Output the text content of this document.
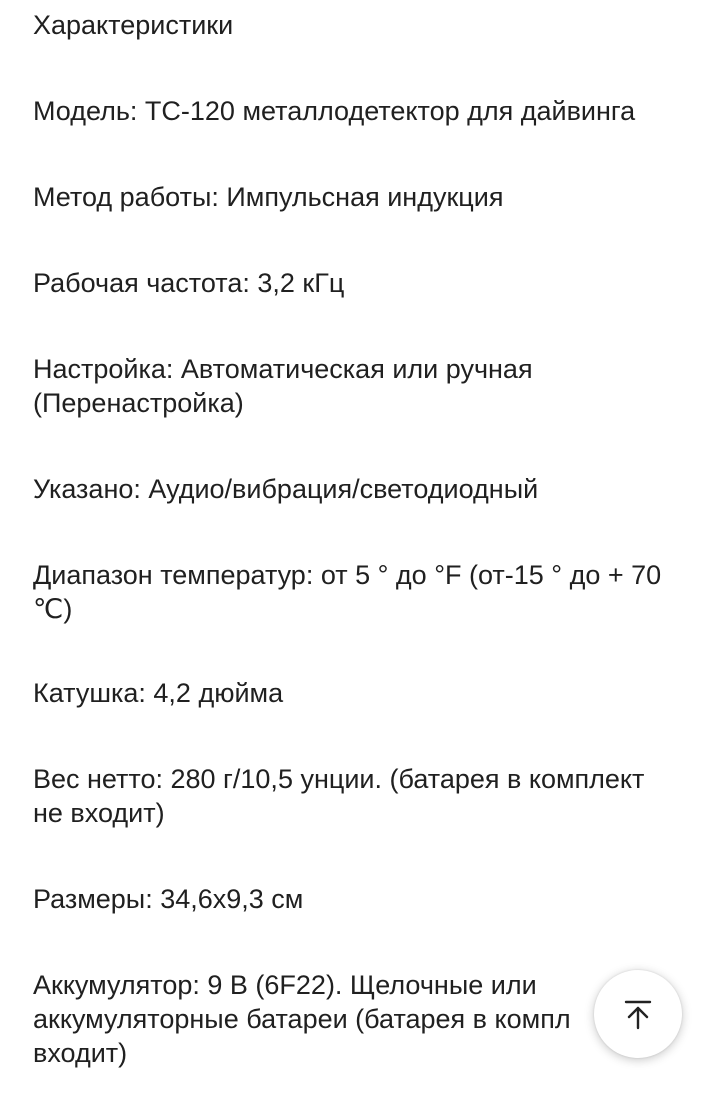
Характеристики
Модель: TC-120 металлодетектор для дайвинга
Метод работы: Импульсная индукция
Рабочая частота: 3,2 кГц
Настройка: Автоматическая или ручная
(Перенастройка)
Указано: Аудио/вибрация/светодиодный
Диапазон температур: от 5 ° до °F (от-15 ° до + 70
℃)
Катушка: 4,2 дюйма
Вес нетто: 280 г/10,5 унции. (батарея в комплект
не входит)
Размеры: 34,6x9,3 см
Аккумулятор: 9 В (6F22). Щелочные или
аккумуляторные батареи (батарея в компл
входит)
